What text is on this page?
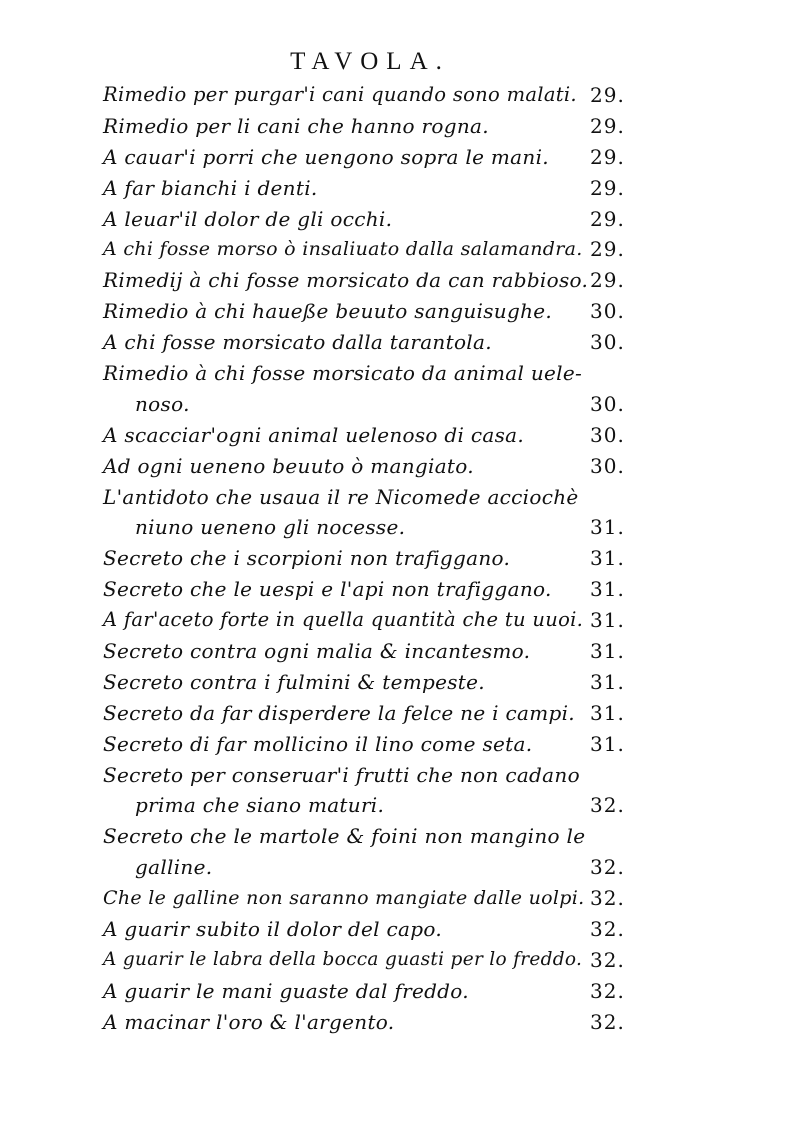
TAVOLA.
Rimedio per purgar'i cani quando sono malati. 29.
Rimedio per li cani che hanno rogna.	29.
A cauar'i porri che uengono sopra le mani. 29.
A far bianchi i denti.	29.
A leuar'il dolor de gli occhi.	29.
A chi fosse morso ò insaliuato dalla salamandra. 29.
Rimedij à chi fosse morsicato da can rabbioso. 29.
Rimedio à chi haueße beuuto sanguisughe. 30.
A chi fosse morsicato dalla tarantola.	30.
Rimedio à chi fosse morsicato da animal uele-
noso.	30.
A scacciar'ogni animal uelenoso di casa.	30.
Ad ogni ueneno beuuto ò mangiato.	30.
L'antidoto che usaua il re Nicomede acciochè
niuno ueneno gli nocesse.	31.
Secreto che i scorpioni non trafiggano.	31.
Secreto che le uespi e l'api non trafiggano. 31.
A far'aceto forte in quella quantità che tu uuoi. 31.
Secreto contra ogni malia & incantesmo.	31.
Secreto contra i fulmini & tempeste.	31.
Secreto da far disperdere la felce ne i campi. 31.
Secreto di far mollicino il lino come seta.	31.
Secreto per conseruar'i frutti che non cadano
prima che siano maturi.	32.
Secreto che le martole & foini non mangino le
galline.	32.
Che le galline non saranno mangiate dalle uolpi. 32.
A guarir subito il dolor del capo.	32.
A guarir le labra della bocca guasti per lo freddo. 32.
A guarir le mani guaste dal freddo.	32.
A macinar l'oro & l'argento.	32.
